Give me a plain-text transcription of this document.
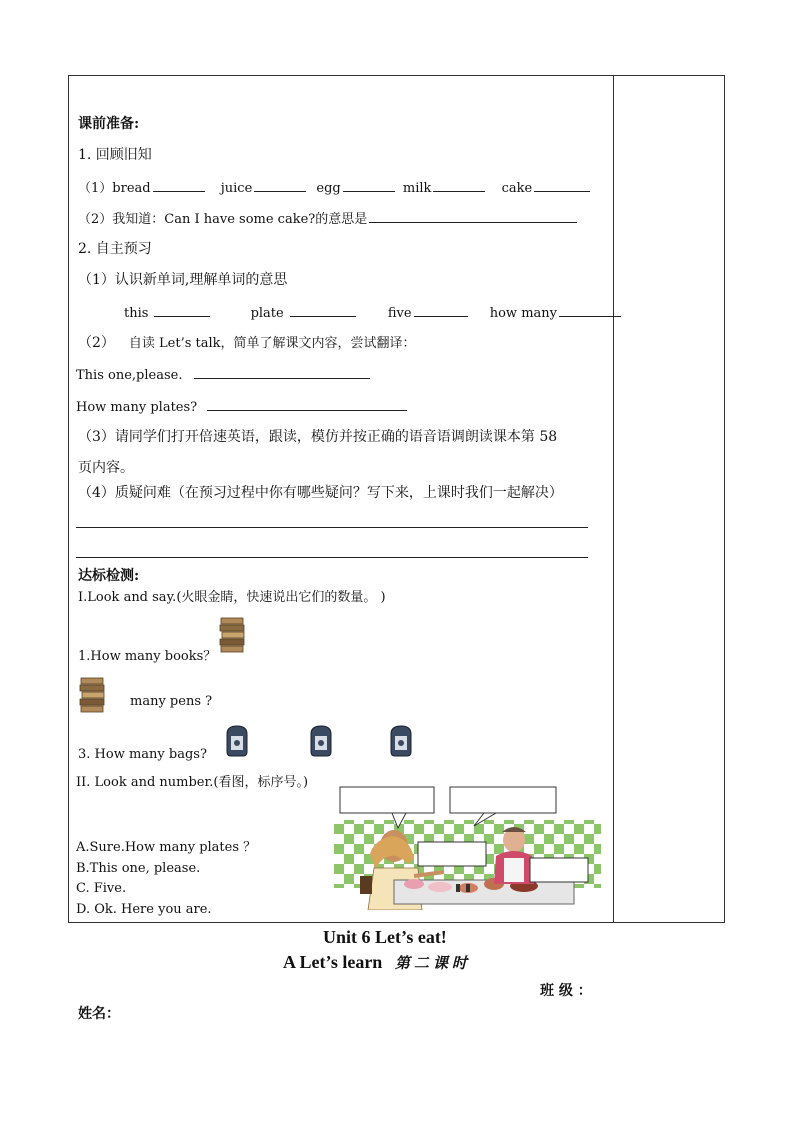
课前准备:
1. 回顾旧知
（1）bread	juice	egg	milk	cake
（2）我知道：Can I have some cake?的意思是
2. 自主预习
（1）认识新单词,理解单词的意思
this	plate	five	how many
（2） 自读 Let’s talk，简单了解课文内容，尝试翻译：
This one,please.
How many plates?
（3）请同学们打开倍速英语，跟读，模仿并按正确的语音语调朗读课本第 58
页内容。
（4）质疑问难（在预习过程中你有哪些疑问？写下来，上课时我们一起解决）
达标检测:
I.Look and say.(火眼金睛，快速说出它们的数量。 )
1.How many books？
many pens ?
3. How many bags?
II. Look and number.(看图，标序号。)
A.Sure.How many plates ？
B.This one, please.
C. Five.
D. Ok. Here you are.
Unit 6 Let’s eat!
A Let’s learn 第二课时
班 级 ：
姓名：
